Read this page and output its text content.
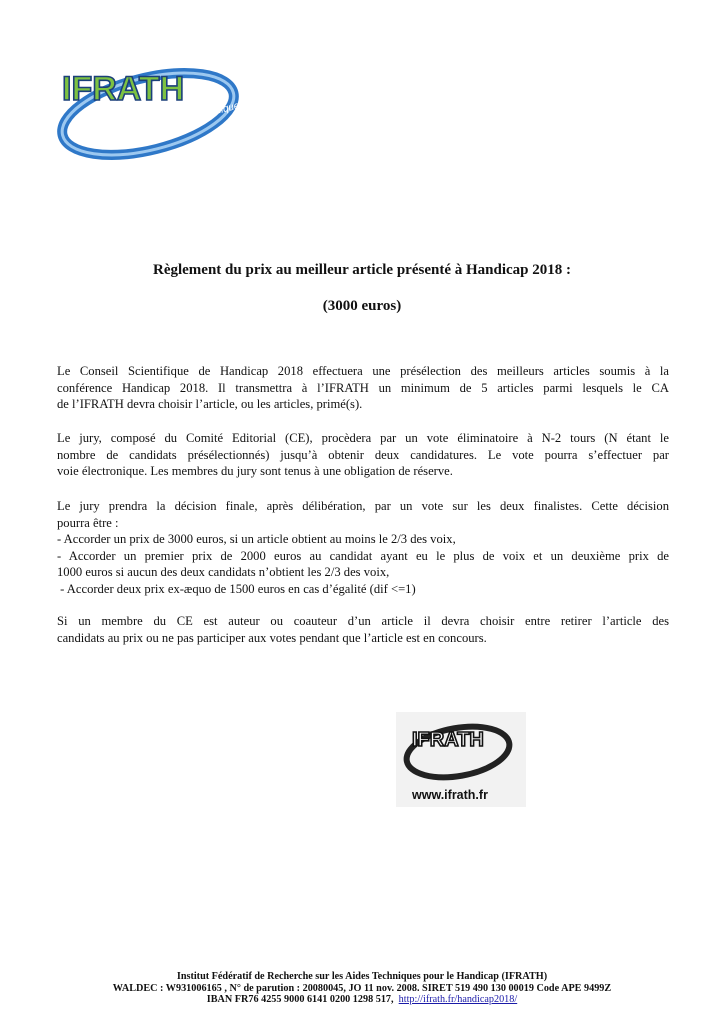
IFRATH
Recherche sur les Aides Techniques
Règlement du prix au meilleur article présenté à Handicap 2018 :
(3000 euros)
Le Conseil Scientifique de Handicap 2018 effectuera une présélection des meilleurs articles soumis à la
conférence Handicap 2018. Il transmettra à l’IFRATH un minimum de 5 articles parmi lesquels le CA
de l’IFRATH devra choisir l’article, ou les articles, primé(s).
Le jury, composé du Comité Editorial (CE), procèdera par un vote éliminatoire à N-2 tours (N étant le
nombre de candidats présélectionnés) jusqu’à obtenir deux candidatures. Le vote pourra s’effectuer par
voie électronique. Les membres du jury sont tenus à une obligation de réserve.
Le jury prendra la décision finale, après délibération, par un vote sur les deux finalistes. Cette décision
pourra être :
- Accorder un prix de 3000 euros, si un article obtient au moins le 2/3 des voix,
- Accorder un premier prix de 2000 euros au candidat ayant eu le plus de voix et un deuxième prix de
1000 euros si aucun des deux candidats n’obtient les 2/3 des voix,
- Accorder deux prix ex-æquo de 1500 euros en cas d’égalité (dif <=1)
Si un membre du CE est auteur ou coauteur d’un article il devra choisir entre retirer l’article des
candidats au prix ou ne pas participer aux votes pendant que l’article est en concours.
IFRATH
www.ifrath.fr
Institut Fédératif de Recherche sur les Aides Techniques pour le Handicap (IFRATH)
WALDEC : W931006165 , N° de parution : 20080045, JO 11 nov. 2008. SIRET 519 490 130 00019 Code APE 9499Z
IBAN FR76 4255 9000 6141 0200 1298 517,  http://ifrath.fr/handicap2018/
